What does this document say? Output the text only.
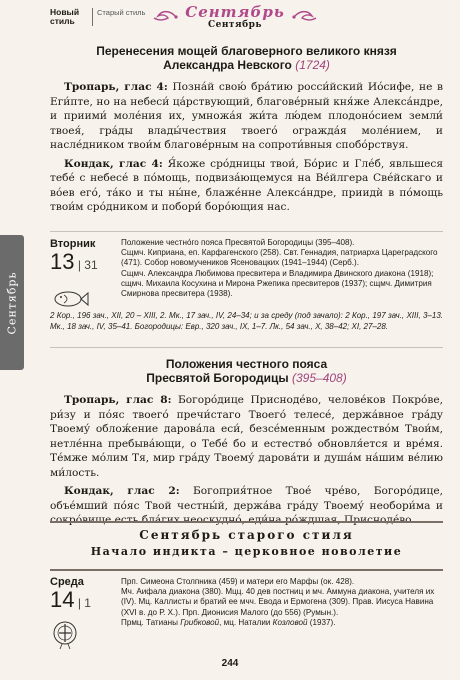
Новый стиль
Старый стиль	Сентябрь
Сентябрь
Сентябрь
Перенесения мощей благоверного великого князя
Александра Невского (1724)

Тропарь, глас 4: Позна́й свою́ бра́тию росси́йский Ио́сифе, не в Еги́пте, но на небеси́ ца́рствующий, благове́рный кня́же Алекса́ндре, и приими́ моле́ния их, умножа́я жи́та лю́дем плодоно́сием земли́ твоея́, гра́ды влады́чествия твоего́ огражда́я моле́нием, и насле́дником твои́м благове́рным на сопроти́вныя спобо́рствуя.

Кондак, глас 4: Я́коже сро́дницы твои́, Бо́рис и Гле́б, явльшеся тебе́ с небесе́ в по́мощь, подвиза́ющемуся на Ве́йлгера Све́йскаго и во́ев его́, та́ко и ты ны́не, блаже́нне Алекса́ндре, приидѝ в по́мощь твои́м сро́дником и побори́ боро́ющия нас.

Вторник
13 | 31
Положение честно́го пояса Пресвятой Богородицы (395–408).
Сщмч. Киприана, еп. Карфагенского (258). Свт. Геннадия, патриарха Цареградского (471). Собор новомучеников Ясеновацких (1941–1944) (Серб.).
Сщмч. Александра Любимова пресвитера и Владимира Двинского диакона (1918); сщмч. Михаила Косухина и Мирона Ржепика пресвитеров (1937); сщмч. Димитрия Смирнова пресвитера (1938).
2 Кор., 196 зач., XII, 20 – XIII, 2. Мк., 17 зач., IV, 24–34; и за среду (под зачало): 2 Кор., 197 зач., XIII, 3–13. Мк., 18 зач., IV, 35–41. Богородицы: Евр., 320 зач., IX, 1–7. Лк., 54 зач., X, 38–42; XI, 27–28.
Положения честного пояса
Пресвятой Богородицы (395–408)

Тропарь, глас 8: Богоро́дице Присноде́во, челове́ков Покро́ве, ри́зу и по́яс твоего́ пречи́стаго Твоего́ телесе́, держа́вное гра́ду Твоему́ облож́ение дарова́ла еси́, безсе́менным рождество́м Твои́м, нетле́нна пребыва́ющи, о Тебе́ бо и естество́ обновля́ется и вре́мя. Тéмже мо́лим Тя, мир гра́ду Твоему́ дарова́ти и душа́м на́шим ве́лию ми́лость.

Кондак, глас 2: Богоприя́тное Твое́ чре́во, Богоро́дице, объе́мший по́яс Твой честны́й, держа́ва гра́ду Твоему́ необори́ма и сокро́вище есть бла́гих неоскудно́, еди́на ро́ждшая, Присноде́во.

Сентябрь старого стиля
Начало индикта – церковное новолетие
Среда
14 | 1
Прп. Симеона Столпника (459) и матери его Марфы (ок. 428).
Мч. Аифала диакона (380). Мцц. 40 дев постниц и мч. Аммуна диакона, учителя их (IV). Мц. Каллисты и братий ее мчч. Евода и Ермогена (309). Прав. Иисуса Навина (XVI в. до Р. Х.). Прп. Дионисия Малого (до 556) (Румын.).
Прмц. Татианы Грибковой, мц. Наталии Козловой (1937).
244
